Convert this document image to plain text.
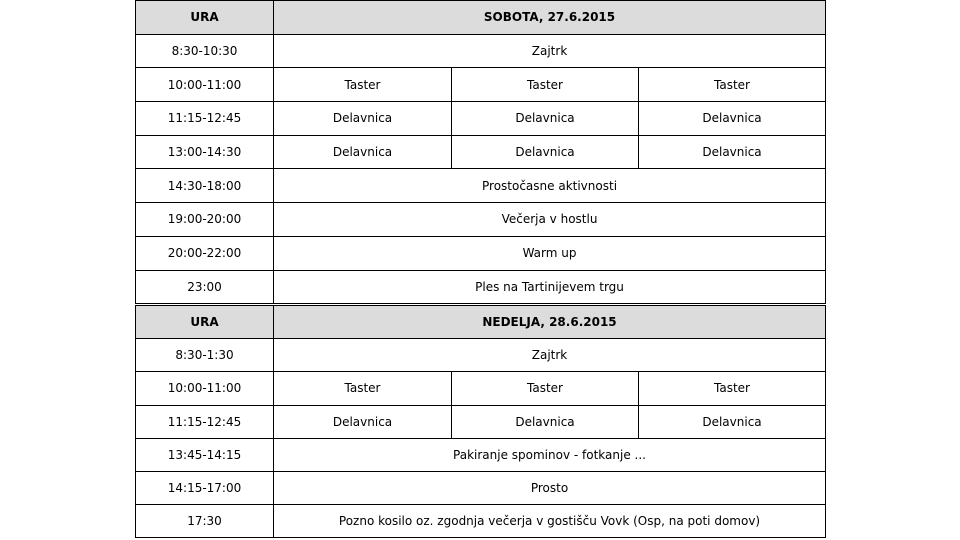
URA	SOBOTA, 27.6.2015		
8:30-10:30	Zajtrk		
10:00-11:00	Taster	Taster	Taster
11:15-12:45	Delavnica	Delavnica	Delavnica
13:00-14:30	Delavnica	Delavnica	Delavnica
14:30-18:00	Prostočasne aktivnosti		
19:00-20:00	Večerja v hostlu		
20:00-22:00	Warm up		
23:00	Ples na Tartinijevem trgu		
URA	NEDELJA, 28.6.2015		
8:30-1:30	Zajtrk		
10:00-11:00	Taster	Taster	Taster
11:15-12:45	Delavnica	Delavnica	Delavnica
13:45-14:15	Pakiranje spominov - fotkanje ...		
14:15-17:00	Prosto		
17:30	Pozno kosilo oz. zgodnja večerja v gostišču Vovk (Osp, na poti domov)		
